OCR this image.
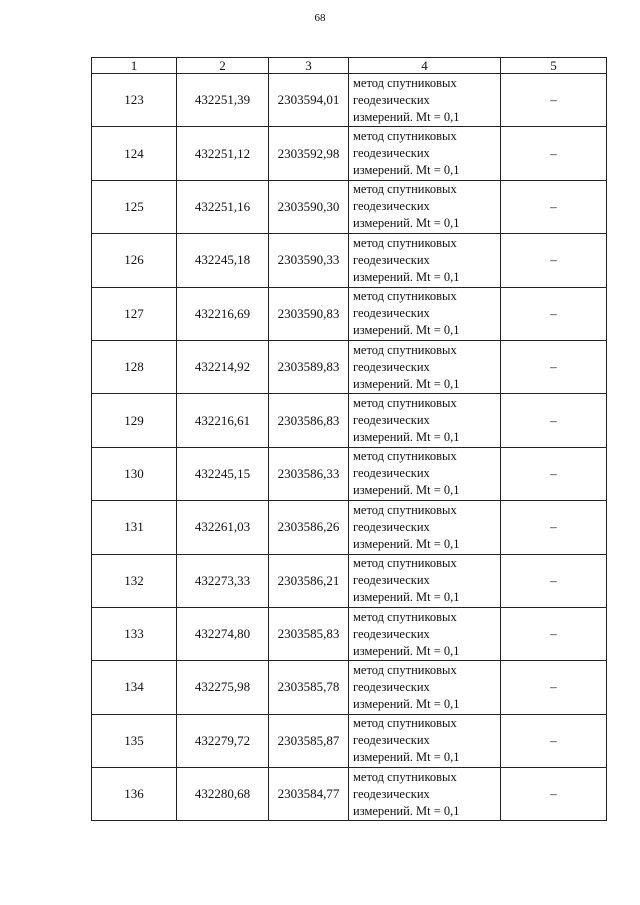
68
1	2	3	4	5
123	432251,39	2303594,01	метод спутниковых
геодезических
измерений. Mt = 0,1	–
124	432251,12	2303592,98	метод спутниковых
геодезических
измерений. Mt = 0,1	–
125	432251,16	2303590,30	метод спутниковых
геодезических
измерений. Mt = 0,1	–
126	432245,18	2303590,33	метод спутниковых
геодезических
измерений. Mt = 0,1	–
127	432216,69	2303590,83	метод спутниковых
геодезических
измерений. Mt = 0,1	–
128	432214,92	2303589,83	метод спутниковых
геодезических
измерений. Mt = 0,1	–
129	432216,61	2303586,83	метод спутниковых
геодезических
измерений. Mt = 0,1	–
130	432245,15	2303586,33	метод спутниковых
геодезических
измерений. Mt = 0,1	–
131	432261,03	2303586,26	метод спутниковых
геодезических
измерений. Mt = 0,1	–
132	432273,33	2303586,21	метод спутниковых
геодезических
измерений. Mt = 0,1	–
133	432274,80	2303585,83	метод спутниковых
геодезических
измерений. Mt = 0,1	–
134	432275,98	2303585,78	метод спутниковых
геодезических
измерений. Mt = 0,1	–
135	432279,72	2303585,87	метод спутниковых
геодезических
измерений. Mt = 0,1	–
136	432280,68	2303584,77	метод спутниковых
геодезических
измерений. Mt = 0,1	–
